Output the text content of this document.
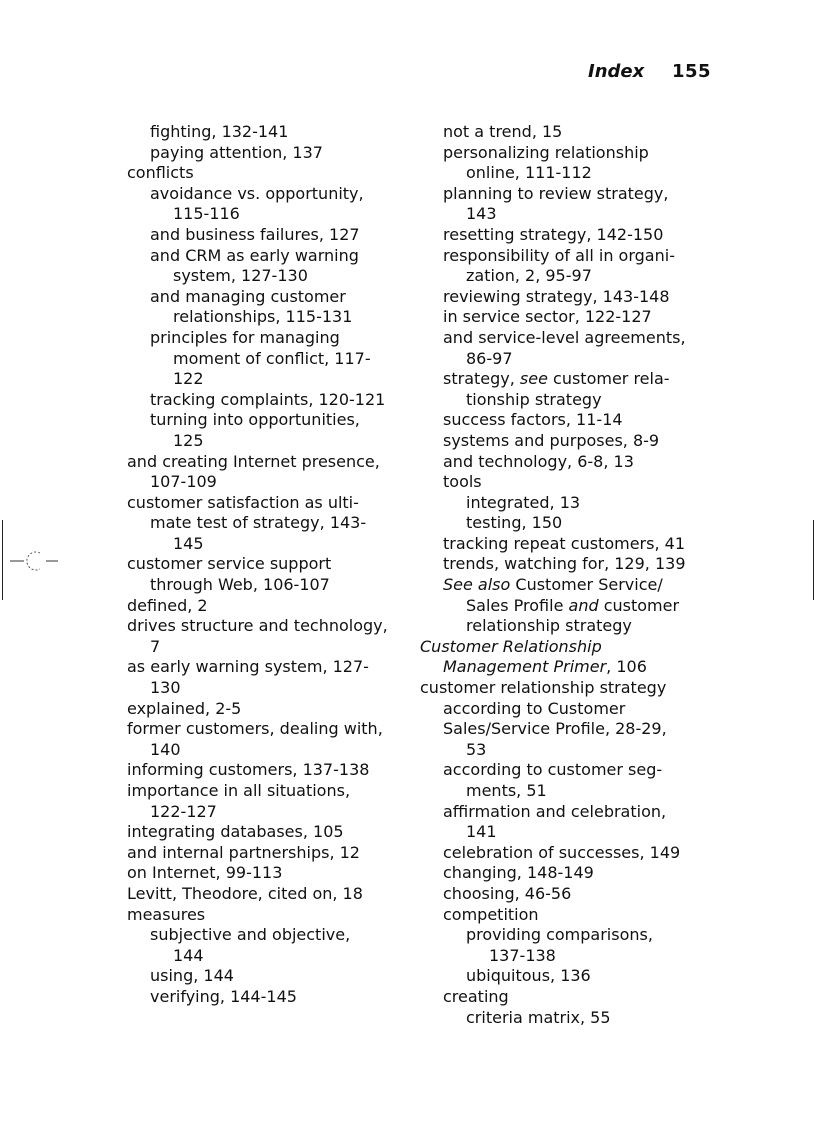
Index 155
fighting, 132-141
paying attention, 137
conflicts
avoidance vs. opportunity,
115-116
and business failures, 127
and CRM as early warning
system, 127-130
and managing customer
relationships, 115-131
principles for managing
moment of conflict, 117-
122
tracking complaints, 120-121
turning into opportunities,
125
and creating Internet presence,
107-109
customer satisfaction as ulti-
mate test of strategy, 143-
145
customer service support
through Web, 106-107
defined, 2
drives structure and technology,
7
as early warning system, 127-
130
explained, 2-5
former customers, dealing with,
140
informing customers, 137-138
importance in all situations,
122-127
integrating databases, 105
and internal partnerships, 12
on Internet, 99-113
Levitt, Theodore, cited on, 18
measures
subjective and objective,
144
using, 144
verifying, 144-145
not a trend, 15
personalizing relationship
online, 111-112
planning to review strategy,
143
resetting strategy, 142-150
responsibility of all in organi-
zation, 2, 95-97
reviewing strategy, 143-148
in service sector, 122-127
and service-level agreements,
86-97
strategy, see customer rela-
tionship strategy
success factors, 11-14
systems and purposes, 8-9
and technology, 6-8, 13
tools
integrated, 13
testing, 150
tracking repeat customers, 41
trends, watching for, 129, 139
See also Customer Service/
Sales Profile and customer
relationship strategy
Customer Relationship
Management Primer, 106
customer relationship strategy
according to Customer
Sales/Service Profile, 28-29,
53
according to customer seg-
ments, 51
affirmation and celebration,
141
celebration of successes, 149
changing, 148-149
choosing, 46-56
competition
providing comparisons,
137-138
ubiquitous, 136
creating
criteria matrix, 55
